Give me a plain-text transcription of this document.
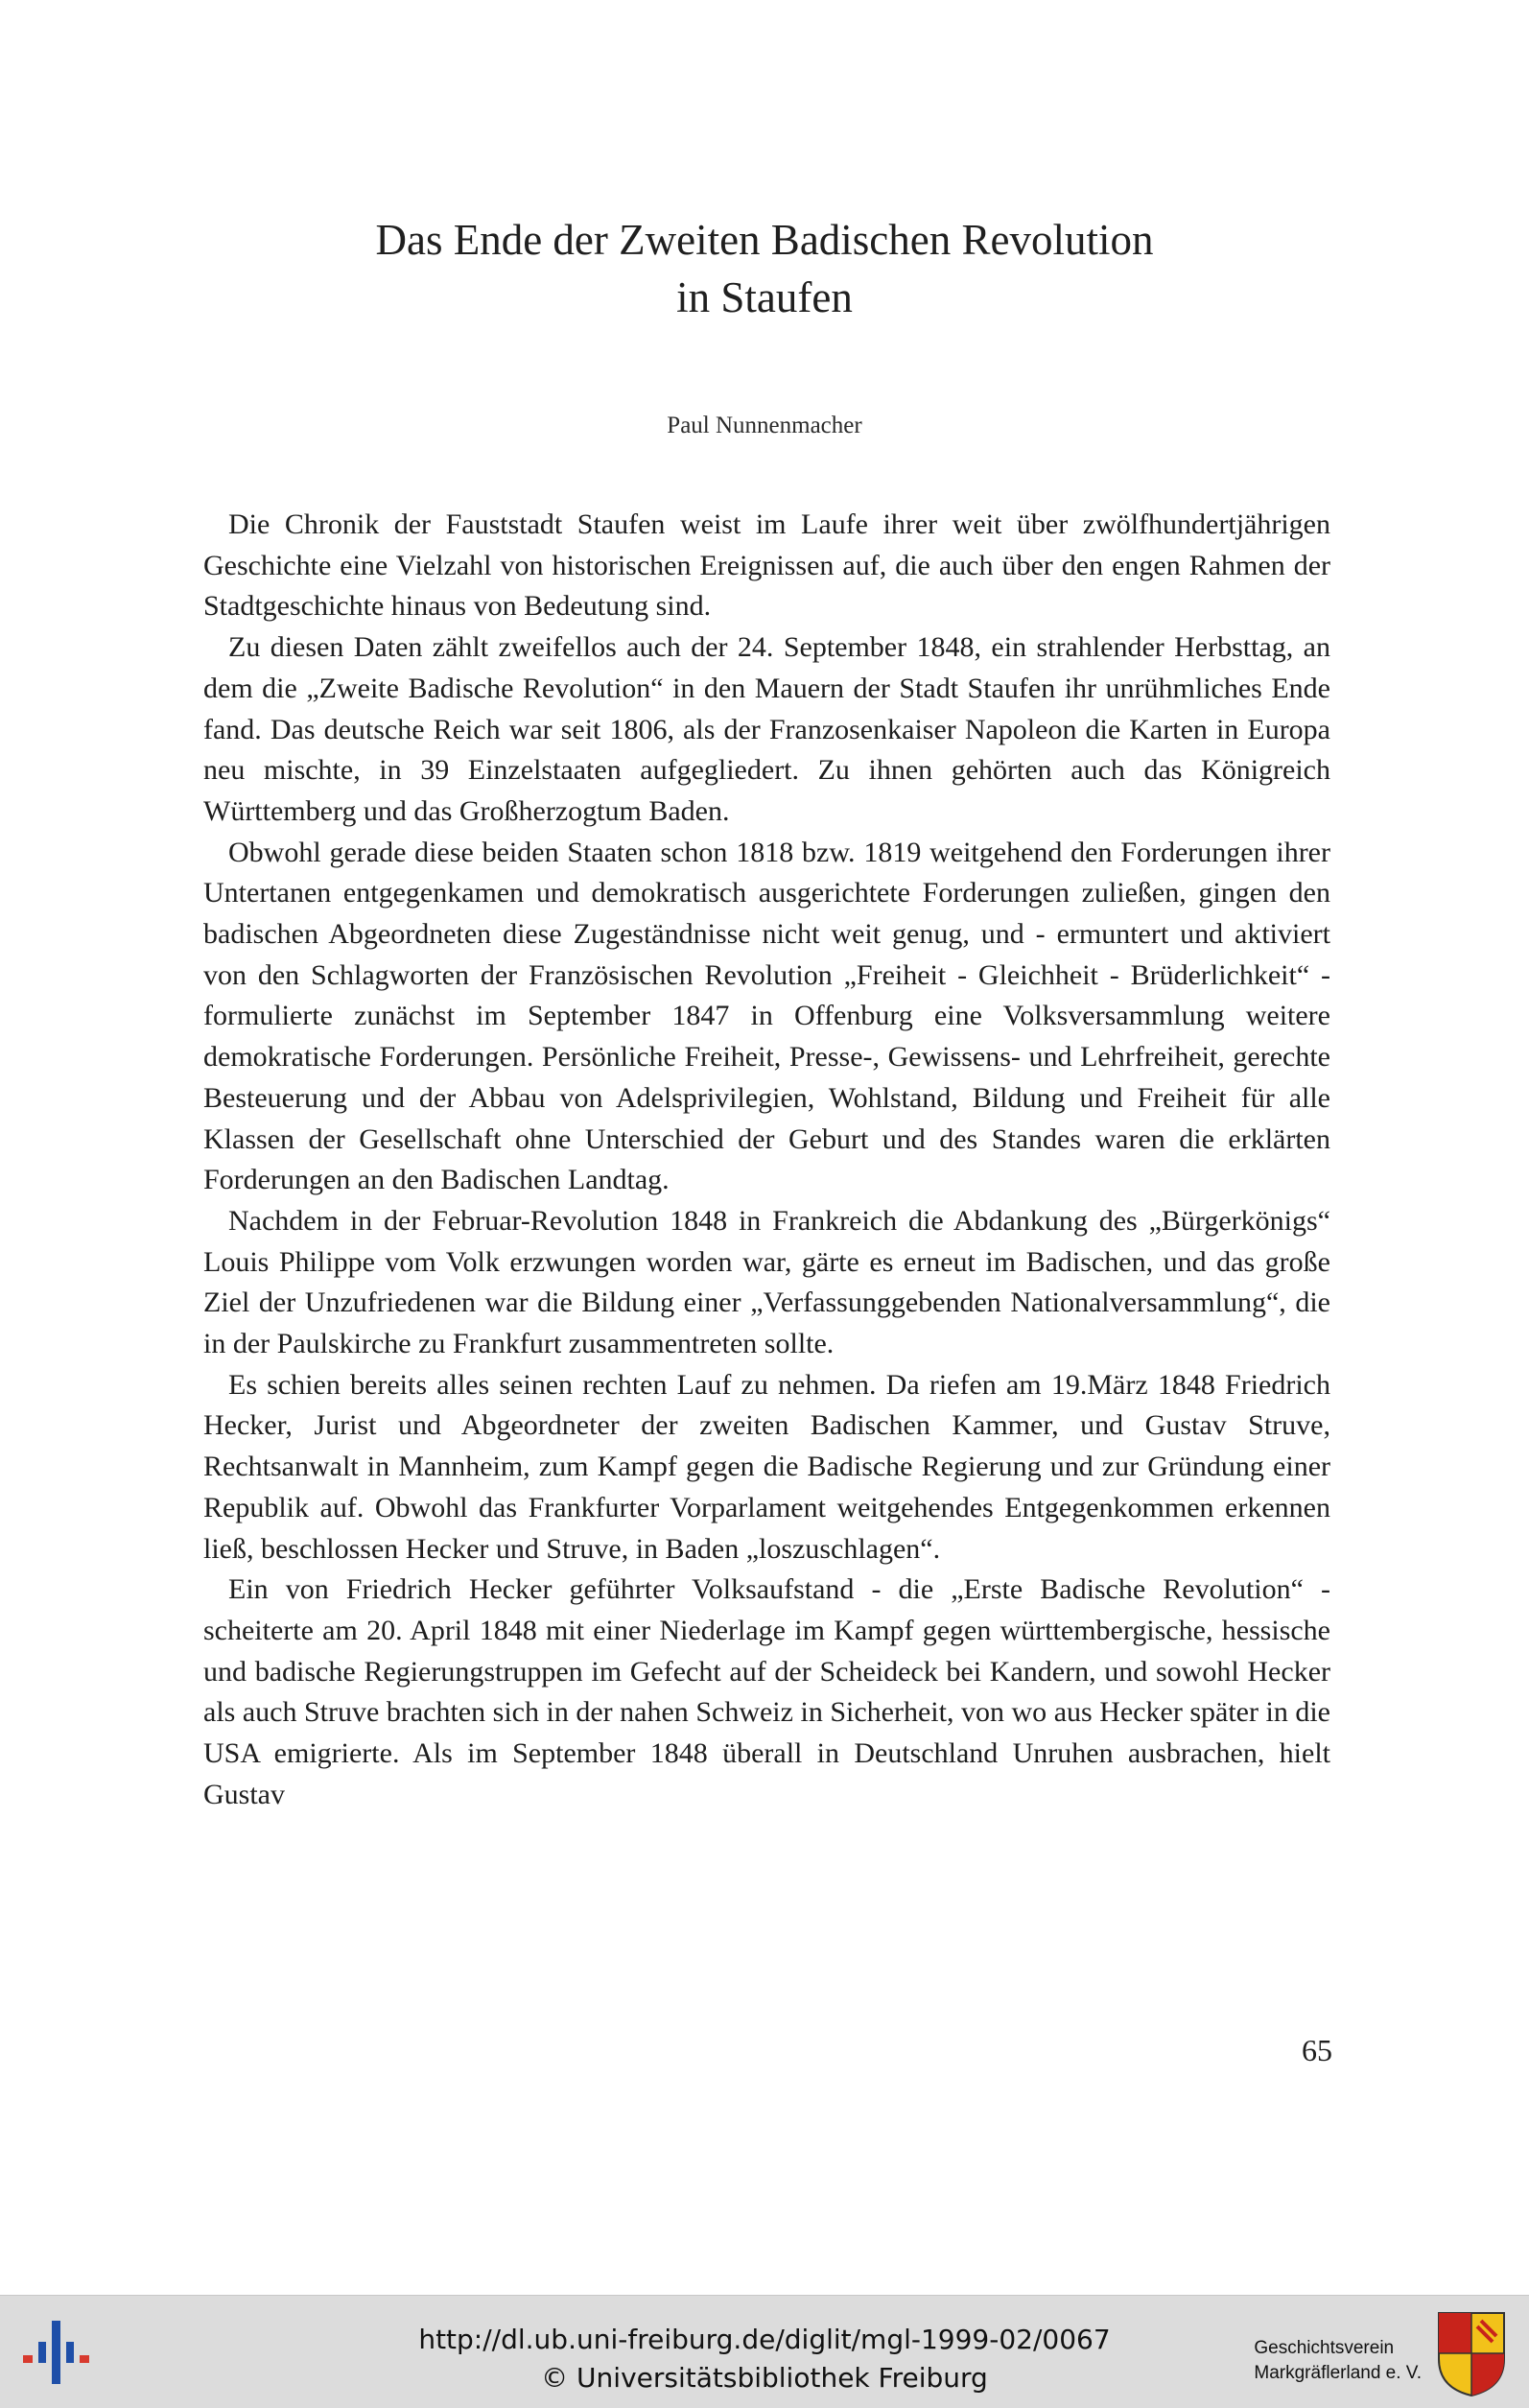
Das Ende der Zweiten Badischen Revolution
in Staufen
Paul Nunnenmacher

Die Chronik der Fauststadt Staufen weist im Laufe ihrer weit über zwölfhundertjährigen Geschichte eine Vielzahl von historischen Ereignissen auf, die auch über den engen Rahmen der Stadtgeschichte hinaus von Bedeutung sind.

Zu diesen Daten zählt zweifellos auch der 24. September 1848, ein strahlender Herbsttag, an dem die „Zweite Badische Revolution“ in den Mauern der Stadt Staufen ihr unrühmliches Ende fand. Das deutsche Reich war seit 1806, als der Franzosenkaiser Napoleon die Karten in Europa neu mischte, in 39 Einzelstaaten aufgegliedert. Zu ihnen gehörten auch das Königreich Württemberg und das Großherzogtum Baden.

Obwohl gerade diese beiden Staaten schon 1818 bzw. 1819 weitgehend den Forderungen ihrer Untertanen entgegenkamen und demokratisch ausgerichtete Forderungen zuließen, gingen den badischen Abgeordneten diese Zugeständnisse nicht weit genug, und - ermuntert und aktiviert von den Schlagworten der Französischen Revolution „Freiheit - Gleichheit - Brüderlichkeit“ - formulierte zunächst im September 1847 in Offenburg eine Volksversammlung weitere demokratische Forderungen. Persönliche Freiheit, Presse-, Gewissens- und Lehrfreiheit, gerechte Besteuerung und der Abbau von Adelsprivilegien, Wohlstand, Bildung und Freiheit für alle Klassen der Gesellschaft ohne Unterschied der Geburt und des Standes waren die erklärten Forderungen an den Badischen Landtag.

Nachdem in der Februar-Revolution 1848 in Frankreich die Abdankung des „Bürgerkönigs“ Louis Philippe vom Volk erzwungen worden war, gärte es erneut im Badischen, und das große Ziel der Unzufriedenen war die Bildung einer „Verfassunggebenden Nationalversammlung“, die in der Paulskirche zu Frankfurt zusammentreten sollte.

Es schien bereits alles seinen rechten Lauf zu nehmen. Da riefen am 19.März 1848 Friedrich Hecker, Jurist und Abgeordneter der zweiten Badischen Kammer, und Gustav Struve, Rechtsanwalt in Mannheim, zum Kampf gegen die Badische Regierung und zur Gründung einer Republik auf. Obwohl das Frankfurter Vorparlament weitgehendes Entgegenkommen erkennen ließ, beschlossen Hecker und Struve, in Baden „loszuschlagen“.

Ein von Friedrich Hecker geführter Volksaufstand - die „Erste Badische Revolution“ - scheiterte am 20. April 1848 mit einer Niederlage im Kampf gegen württembergische, hessische und badische Regierungstruppen im Gefecht auf der Scheideck bei Kandern, und sowohl Hecker als auch Struve brachten sich in der nahen Schweiz in Sicherheit, von wo aus Hecker später in die USA emigrierte. Als im September 1848 überall in Deutschland Unruhen ausbrachen, hielt Gustav

65
http://dl.ub.uni-freiburg.de/diglit/mgl-1999-02/0067
© Universitätsbibliothek Freiburg
Geschichtsverein
Markgräflerland e. V.
